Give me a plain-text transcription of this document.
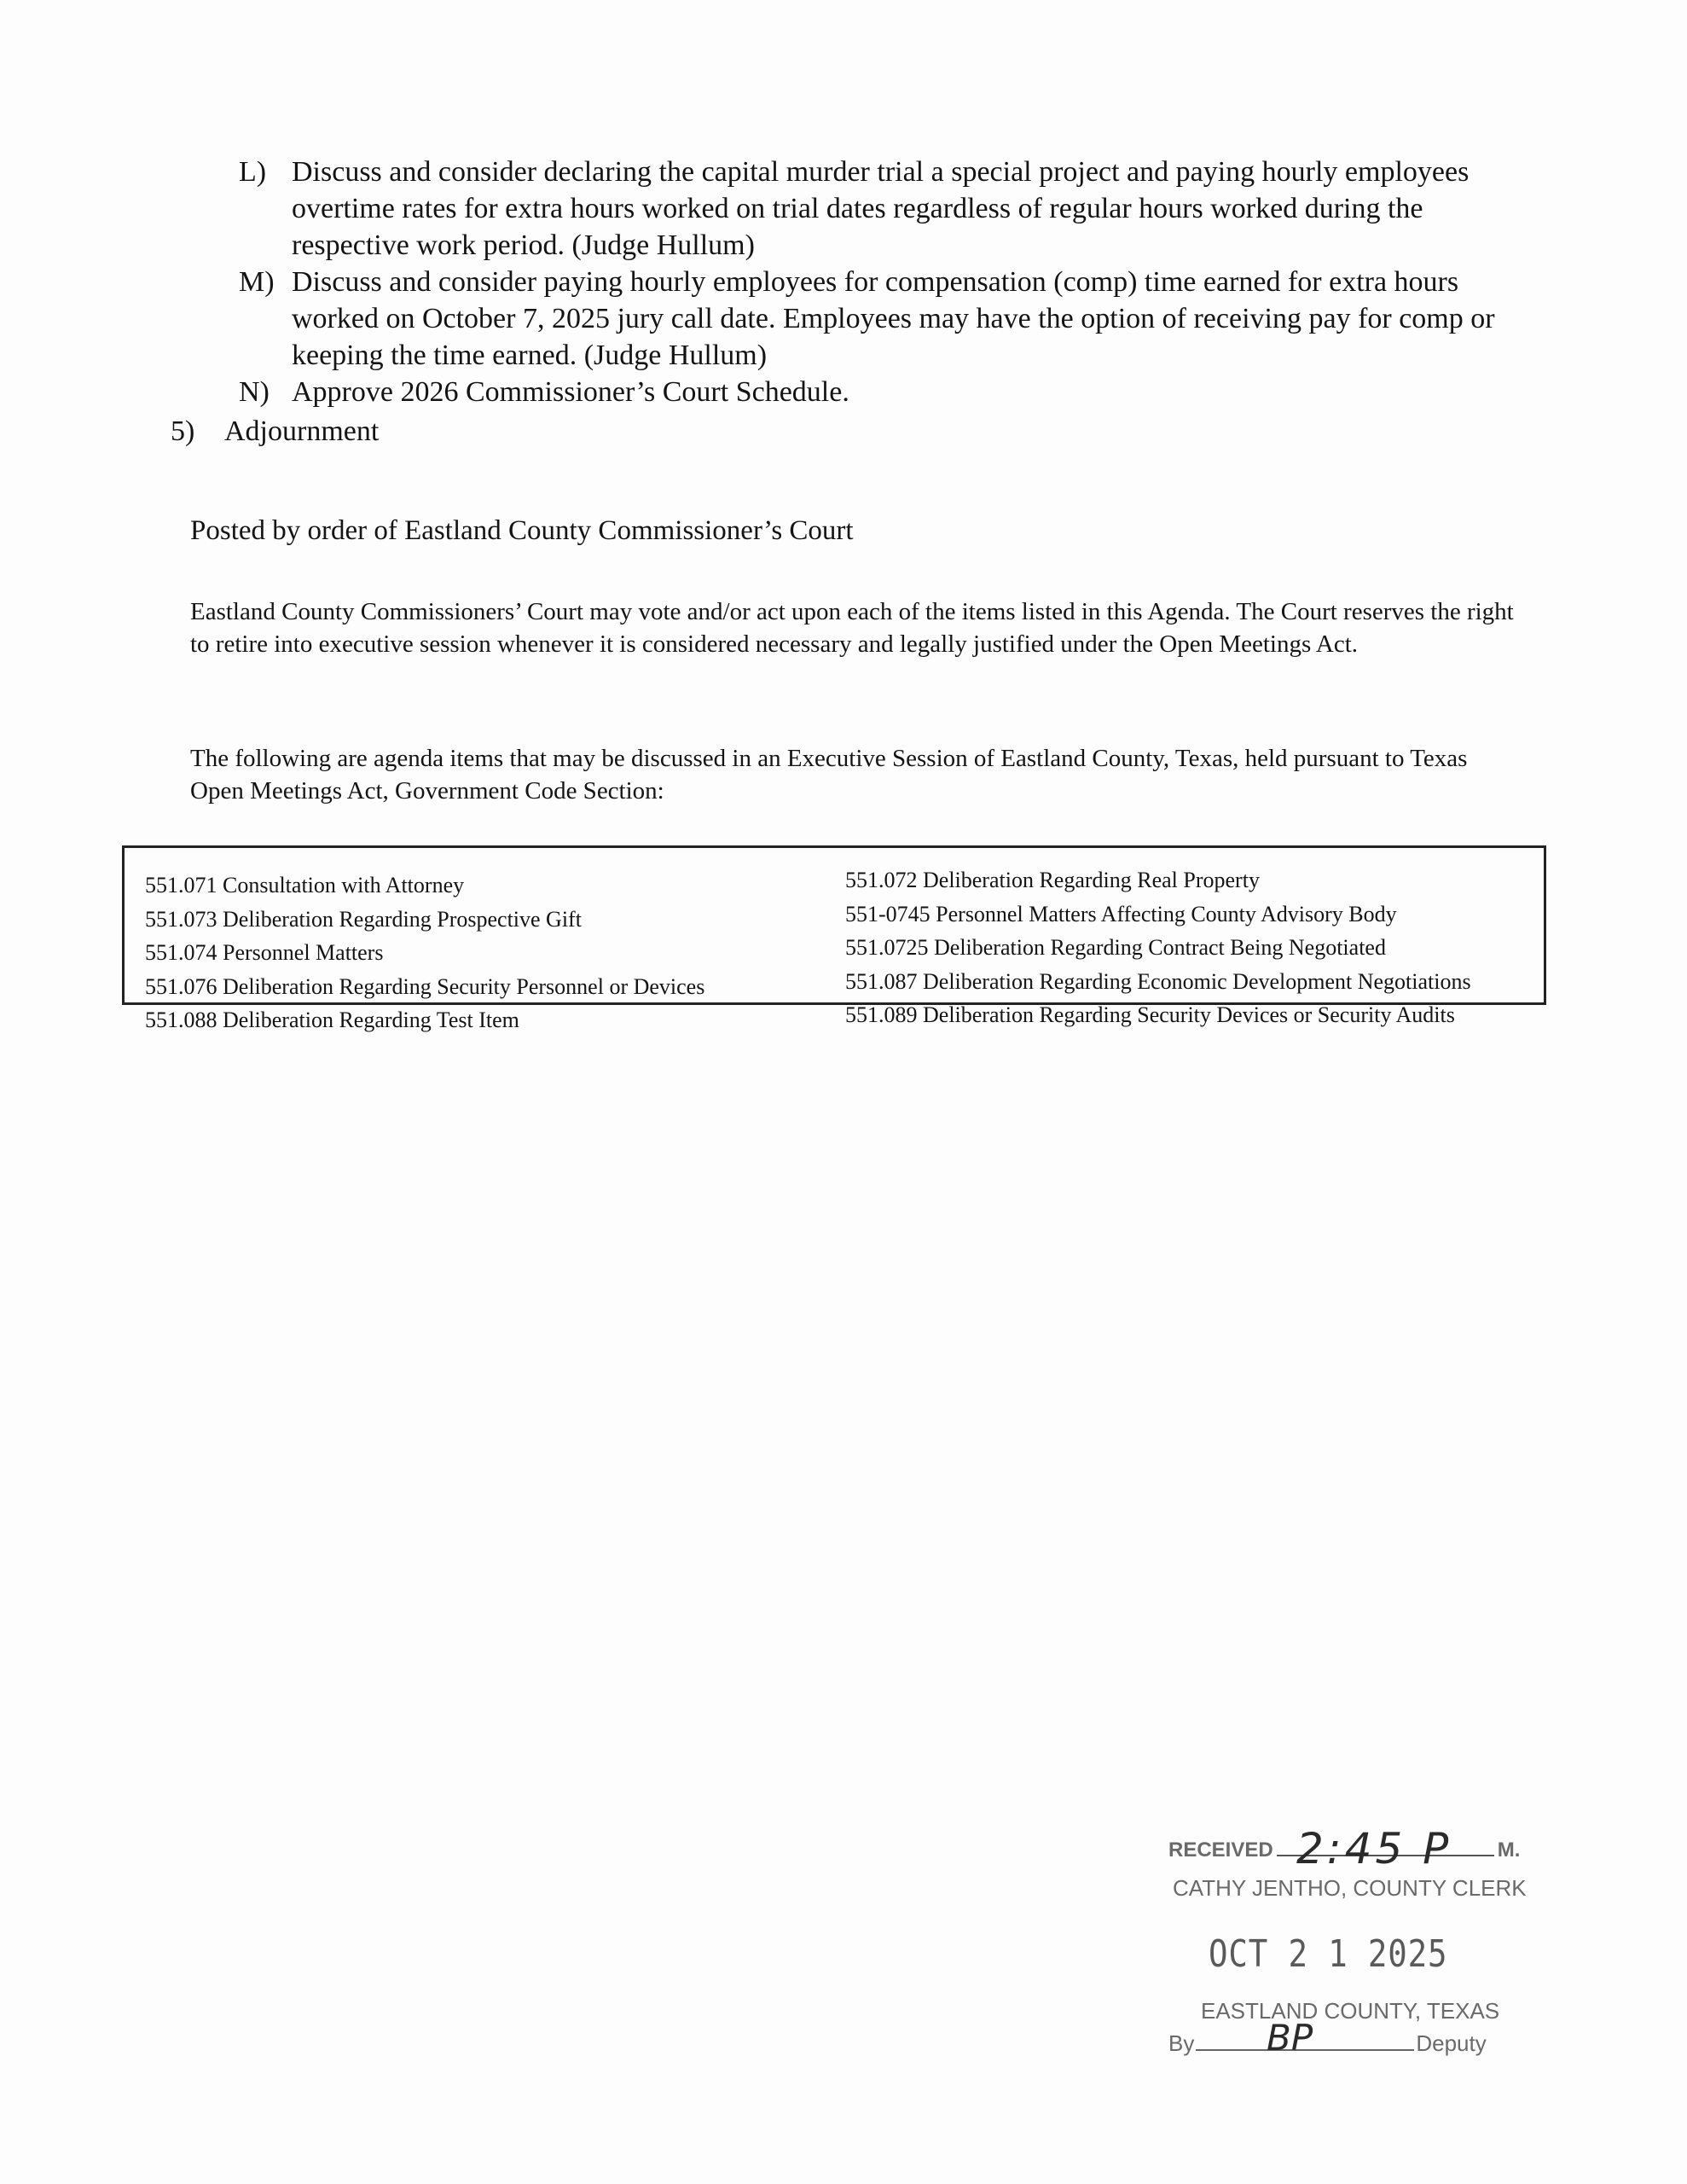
L) Discuss and consider declaring the capital murder trial a special project and paying hourly employees overtime rates for extra hours worked on trial dates regardless of regular hours worked during the respective work period. (Judge Hullum)
M) Discuss and consider paying hourly employees for compensation (comp) time earned for extra hours worked on October 7, 2025 jury call date. Employees may have the option of receiving pay for comp or keeping the time earned. (Judge Hullum)
N) Approve 2026 Commissioner’s Court Schedule.
5) Adjournment
Posted by order of Eastland County Commissioner’s Court
Eastland County Commissioners’ Court may vote and/or act upon each of the items listed in this Agenda. The Court reserves the right to retire into executive session whenever it is considered necessary and legally justified under the Open Meetings Act.
The following are agenda items that may be discussed in an Executive Session of Eastland County, Texas, held pursuant to Texas Open Meetings Act, Government Code Section:
551.071 Consultation with Attorney
551.073 Deliberation Regarding Prospective Gift
551.074 Personnel Matters
551.076 Deliberation Regarding Security Personnel or Devices
551.088 Deliberation Regarding Test Item
551.072 Deliberation Regarding Real Property
551-0745 Personnel Matters Affecting County Advisory Body
551.0725 Deliberation Regarding Contract Being Negotiated
551.087 Deliberation Regarding Economic Development Negotiations
551.089 Deliberation Regarding Security Devices or Security Audits
RECEIVED	M.
2:45 P
CATHY JENTHO, COUNTY CLERK
OCT 2 1 2025
EASTLAND COUNTY, TEXAS
By	Deputy
BP
